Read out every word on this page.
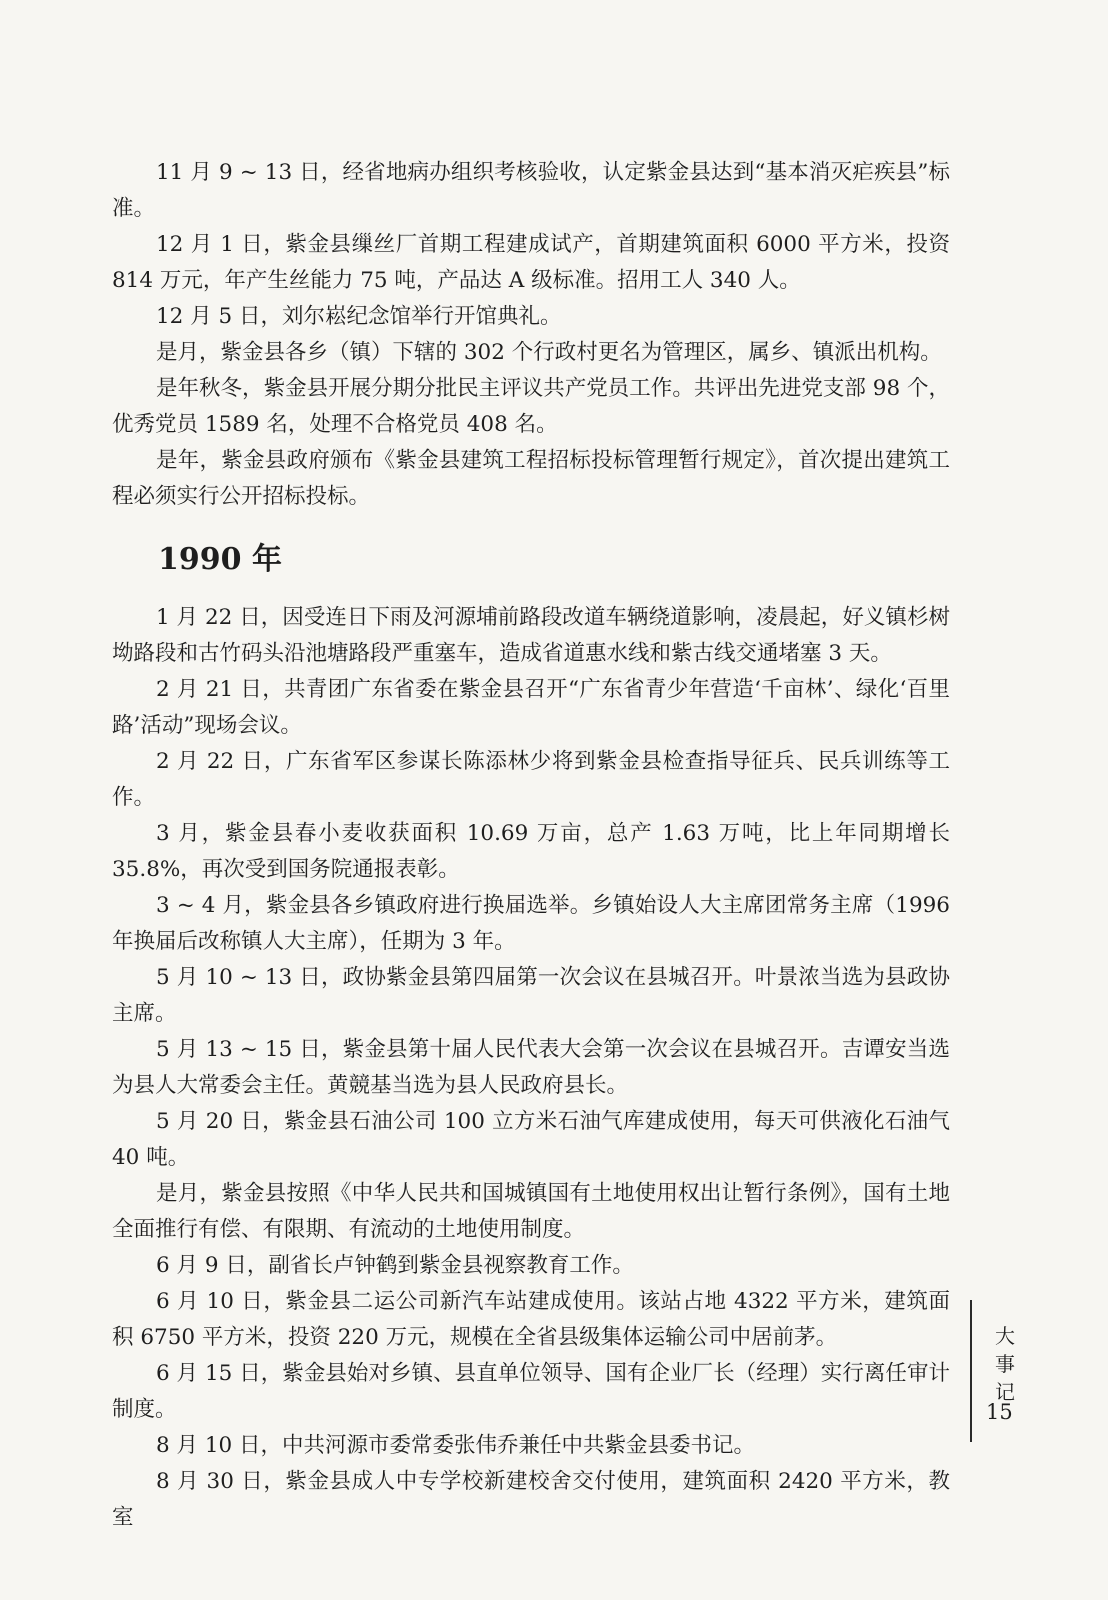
11 月 9 ~ 13 日，经省地病办组织考核验收，认定紫金县达到“基本消灭疟疾县”标准。

12 月 1 日，紫金县缫丝厂首期工程建成试产，首期建筑面积 6000 平方米，投资 814 万元，年产生丝能力 75 吨，产品达 A 级标准。招用工人 340 人。

12 月 5 日，刘尔崧纪念馆举行开馆典礼。

是月，紫金县各乡（镇）下辖的 302 个行政村更名为管理区，属乡、镇派出机构。

是年秋冬，紫金县开展分期分批民主评议共产党员工作。共评出先进党支部 98 个，优秀党员 1589 名，处理不合格党员 408 名。

是年，紫金县政府颁布《紫金县建筑工程招标投标管理暂行规定》，首次提出建筑工程必须实行公开招标投标。

1990 年

1 月 22 日，因受连日下雨及河源埔前路段改道车辆绕道影响，凌晨起，好义镇杉树坳路段和古竹码头沿池塘路段严重塞车，造成省道惠水线和紫古线交通堵塞 3 天。

2 月 21 日，共青团广东省委在紫金县召开“广东省青少年营造‘千亩林’、绿化‘百里路’活动”现场会议。

2 月 22 日，广东省军区参谋长陈添林少将到紫金县检查指导征兵、民兵训练等工作。

3 月，紫金县春小麦收获面积 10.69 万亩，总产 1.63 万吨，比上年同期增长35.8%，再次受到国务院通报表彰。

3 ~ 4 月，紫金县各乡镇政府进行换届选举。乡镇始设人大主席团常务主席（1996 年换届后改称镇人大主席），任期为 3 年。

5 月 10 ~ 13 日，政协紫金县第四届第一次会议在县城召开。叶景浓当选为县政协主席。

5 月 13 ~ 15 日，紫金县第十届人民代表大会第一次会议在县城召开。吉谭安当选为县人大常委会主任。黄競基当选为县人民政府县长。

5 月 20 日，紫金县石油公司 100 立方米石油气库建成使用，每天可供液化石油气 40 吨。

是月，紫金县按照《中华人民共和国城镇国有土地使用权出让暂行条例》，国有土地全面推行有偿、有限期、有流动的土地使用制度。

6 月 9 日，副省长卢钟鹤到紫金县视察教育工作。

6 月 10 日，紫金县二运公司新汽车站建成使用。该站占地 4322 平方米，建筑面积 6750 平方米，投资 220 万元，规模在全省县级集体运输公司中居前茅。

6 月 15 日，紫金县始对乡镇、县直单位领导、国有企业厂长（经理）实行离任审计制度。

8 月 10 日，中共河源市委常委张伟乔兼任中共紫金县委书记。

8 月 30 日，紫金县成人中专学校新建校舍交付使用，建筑面积 2420 平方米，教室

大
事
记
15
